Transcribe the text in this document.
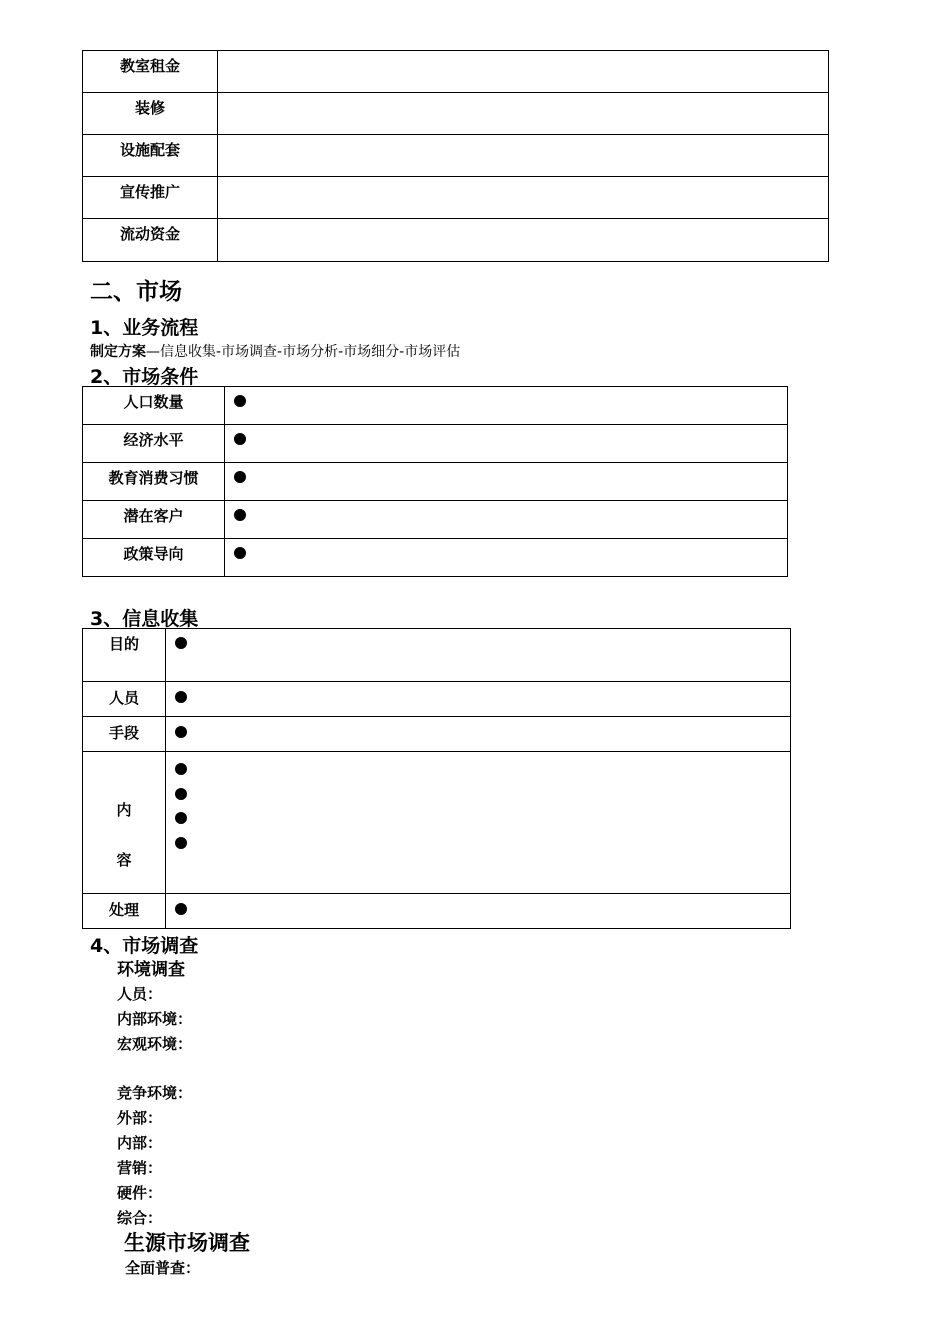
教室租金	
装修	
设施配套	
宣传推广	
流动资金	
二、市场
1、业务流程
制定方案—信息收集-市场调查-市场分析-市场细分-市场评估
2、市场条件
人口数量	
经济水平	
教育消费习惯	
潜在客户	
政策导向	
3、信息收集
目的	
人员	
手段	

内
容	

处理	
4、市场调查
环境调查
人员：
内部环境：
宏观环境：
竞争环境：
外部：
内部：
营销：
硬件：
综合：
生源市场调查
全面普查：
